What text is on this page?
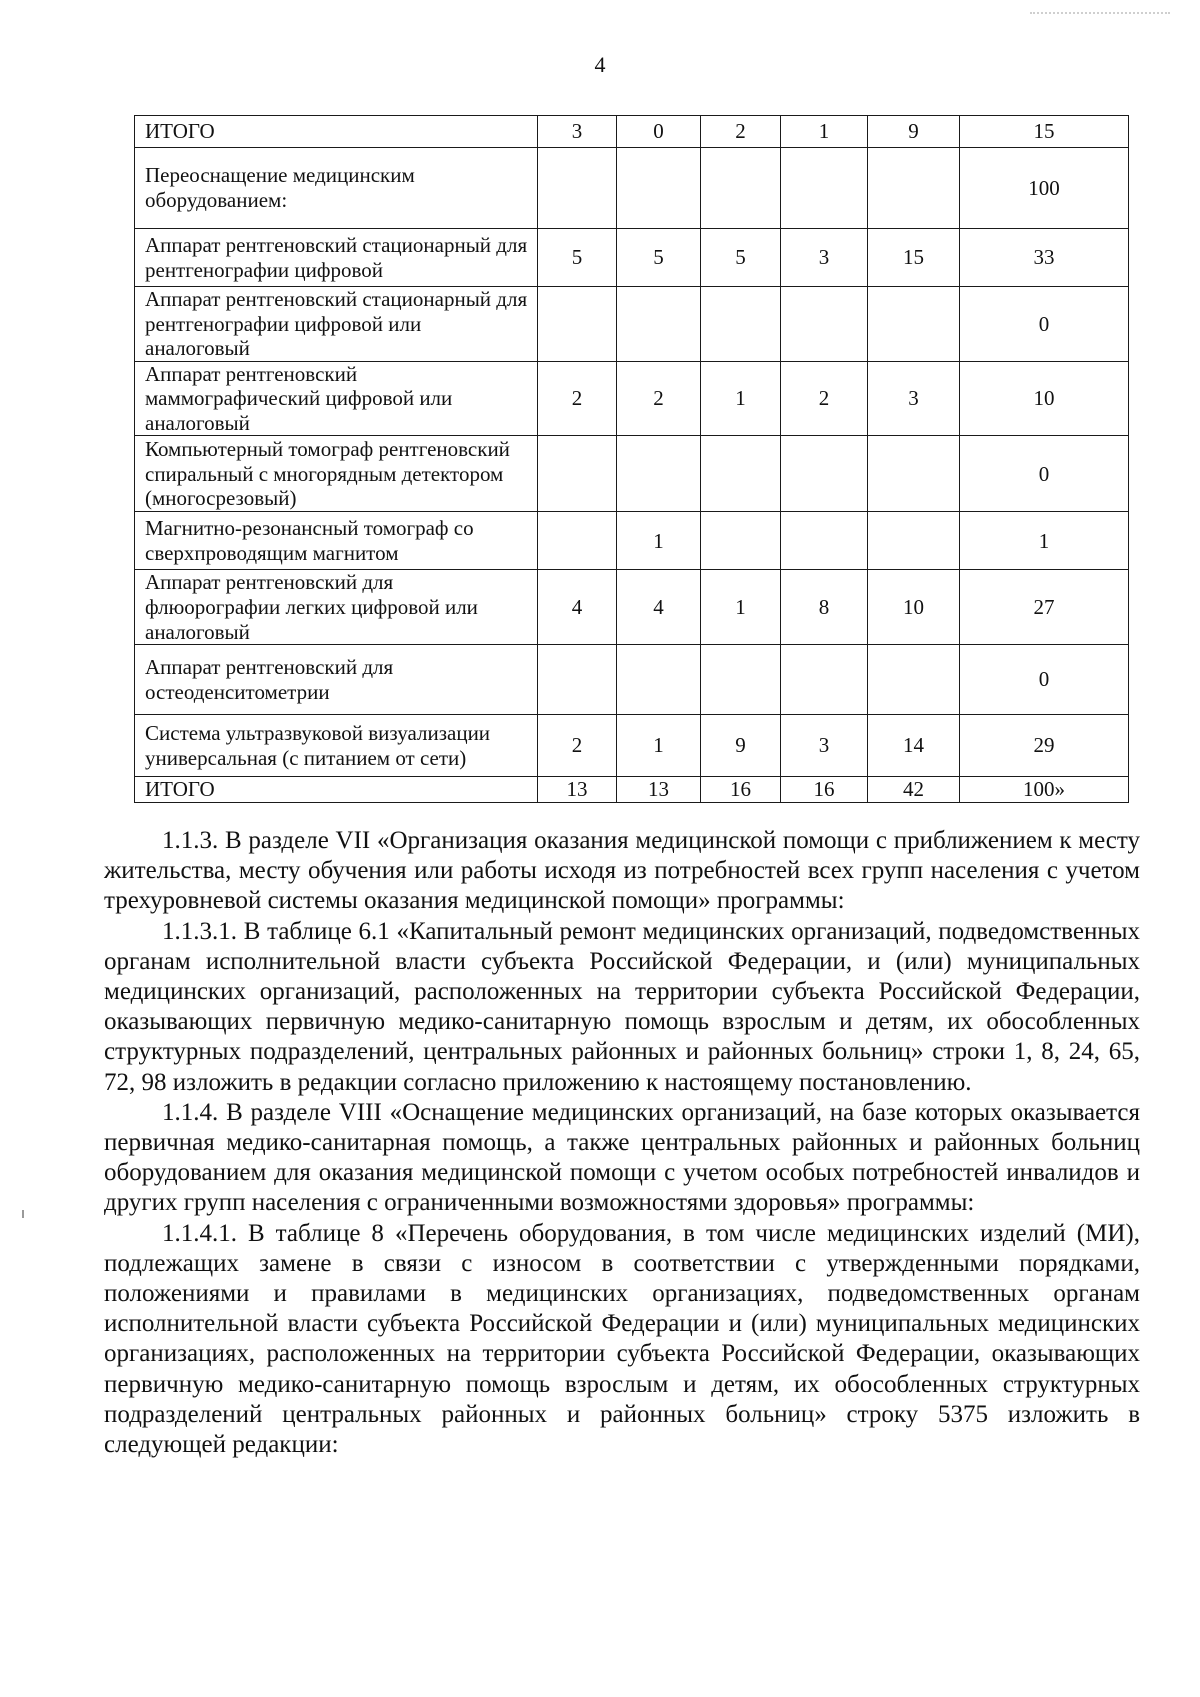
4
ИТОГО	3	0	2	1	9	15
Переоснащение медицинским оборудованием:						100
Аппарат рентгеновский стационарный для рентгенографии цифровой	5	5	5	3	15	33
Аппарат рентгеновский стационарный для рентгенографии цифровой или аналоговый						0
Аппарат рентгеновский маммографический цифровой или аналоговый	2	2	1	2	3	10
Компьютерный томограф рентгеновский спиральный с многорядным детектором (многосрезовый)						0
Магнитно-резонансный томограф со сверхпроводящим магнитом		1				1
Аппарат рентгеновский для флюорографии легких цифровой или аналоговый	4	4	1	8	10	27
Аппарат рентгеновский для остеоденситометрии						0
Система ультразвуковой визуализации универсальная (с питанием от сети)	2	1	9	3	14	29
ИТОГО	13	13	16	16	42	100»

1.1.3. В разделе VII «Организация оказания медицинской помощи с приближением к месту жительства, месту обучения или работы исходя из потребностей всех групп населения с учетом трехуровневой системы оказания медицинской помощи» программы:

1.1.3.1. В таблице 6.1 «Капитальный ремонт медицинских организаций, подведомственных органам исполнительной власти субъекта Российской Федерации, и (или) муниципальных медицинских организаций, расположенных на территории субъекта Российской Федерации, оказывающих первичную медико-санитарную помощь взрослым и детям, их обособленных структурных подразделений, центральных районных и районных больниц» строки 1, 8, 24, 65, 72, 98 изложить в редакции согласно приложению к настоящему постановлению.

1.1.4. В разделе VIII «Оснащение медицинских организаций, на базе которых оказывается первичная медико-санитарная помощь, а также центральных районных и районных больниц оборудованием для оказания медицинской помощи с учетом особых потребностей инвалидов и других групп населения с ограниченными возможностями здоровья» программы:

1.1.4.1. В таблице 8 «Перечень оборудования, в том числе медицинских изделий (МИ), подлежащих замене в связи с износом в соответствии с утвержденными порядками, положениями и правилами в медицинских организациях, подведомственных органам исполнительной власти субъекта Российской Федерации и (или) муниципальных медицинских организациях, расположенных на территории субъекта Российской Федерации, оказывающих первичную медико-санитарную помощь взрослым и детям, их обособленных структурных подразделений центральных районных и районных больниц» строку 5375 изложить в следующей редакции:
